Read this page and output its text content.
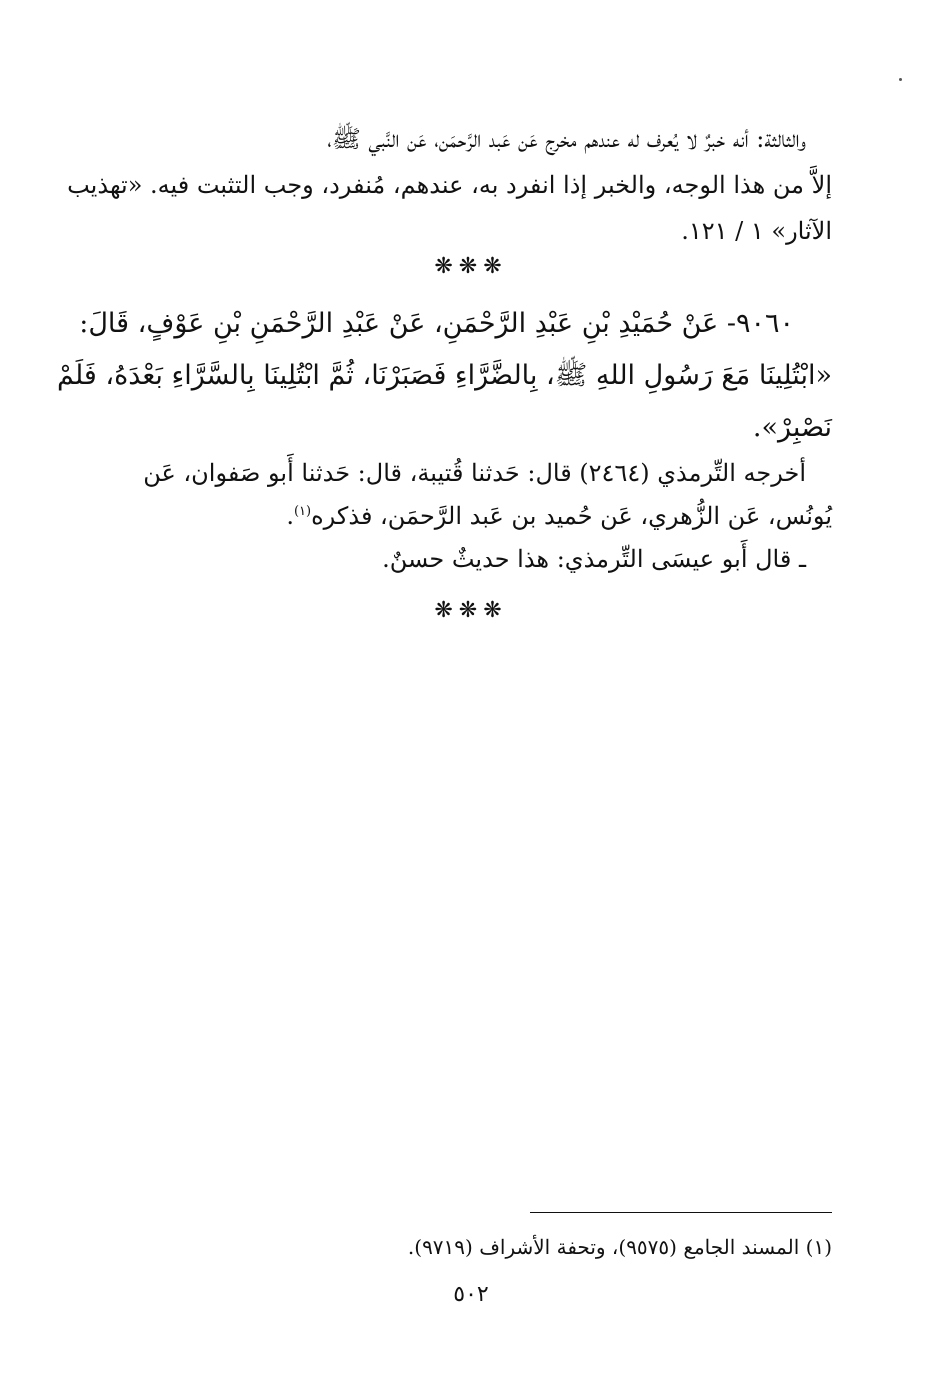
والثالثة: أنه خبرٌ لا يُعرف له عندهم مخرج عَن عَبد الرَّحمَن، عَن النَّبي ﷺ،
إلاَّ من هذا الوجه، والخبر إذا انفرد به، عندهم، مُنفرد، وجب التثبت فيه. «تهذيب
الآثار» ١ / ١٢١.
❋❋❋
٩٠٦٠- عَنْ حُمَيْدِ بْنِ عَبْدِ الرَّحْمَنِ، عَنْ عَبْدِ الرَّحْمَنِ بْنِ عَوْفٍ، قَالَ:
«ابْتُلِينَا مَعَ رَسُولِ اللهِ ﷺ، بِالضَّرَّاءِ فَصَبَرْنَا، ثُمَّ ابْتُلِينَا بِالسَّرَّاءِ بَعْدَهُ، فَلَمْ
نَصْبِرْ».
أخرجه التِّرمذي (٢٤٦٤) قال: حَدثنا قُتيبة، قال: حَدثنا أَبو صَفوان، عَن
يُونُس، عَن الزُّهري، عَن حُميد بن عَبد الرَّحمَن، فذكره$^{(١)}$.
ـ قال أَبو عيسَى التِّرمذي: هذا حديثٌ حسنٌ.
❋❋❋
(١) المسند الجامع (٩٥٧٥)، وتحفة الأشراف (٩٧١٩).
٥٠٢
